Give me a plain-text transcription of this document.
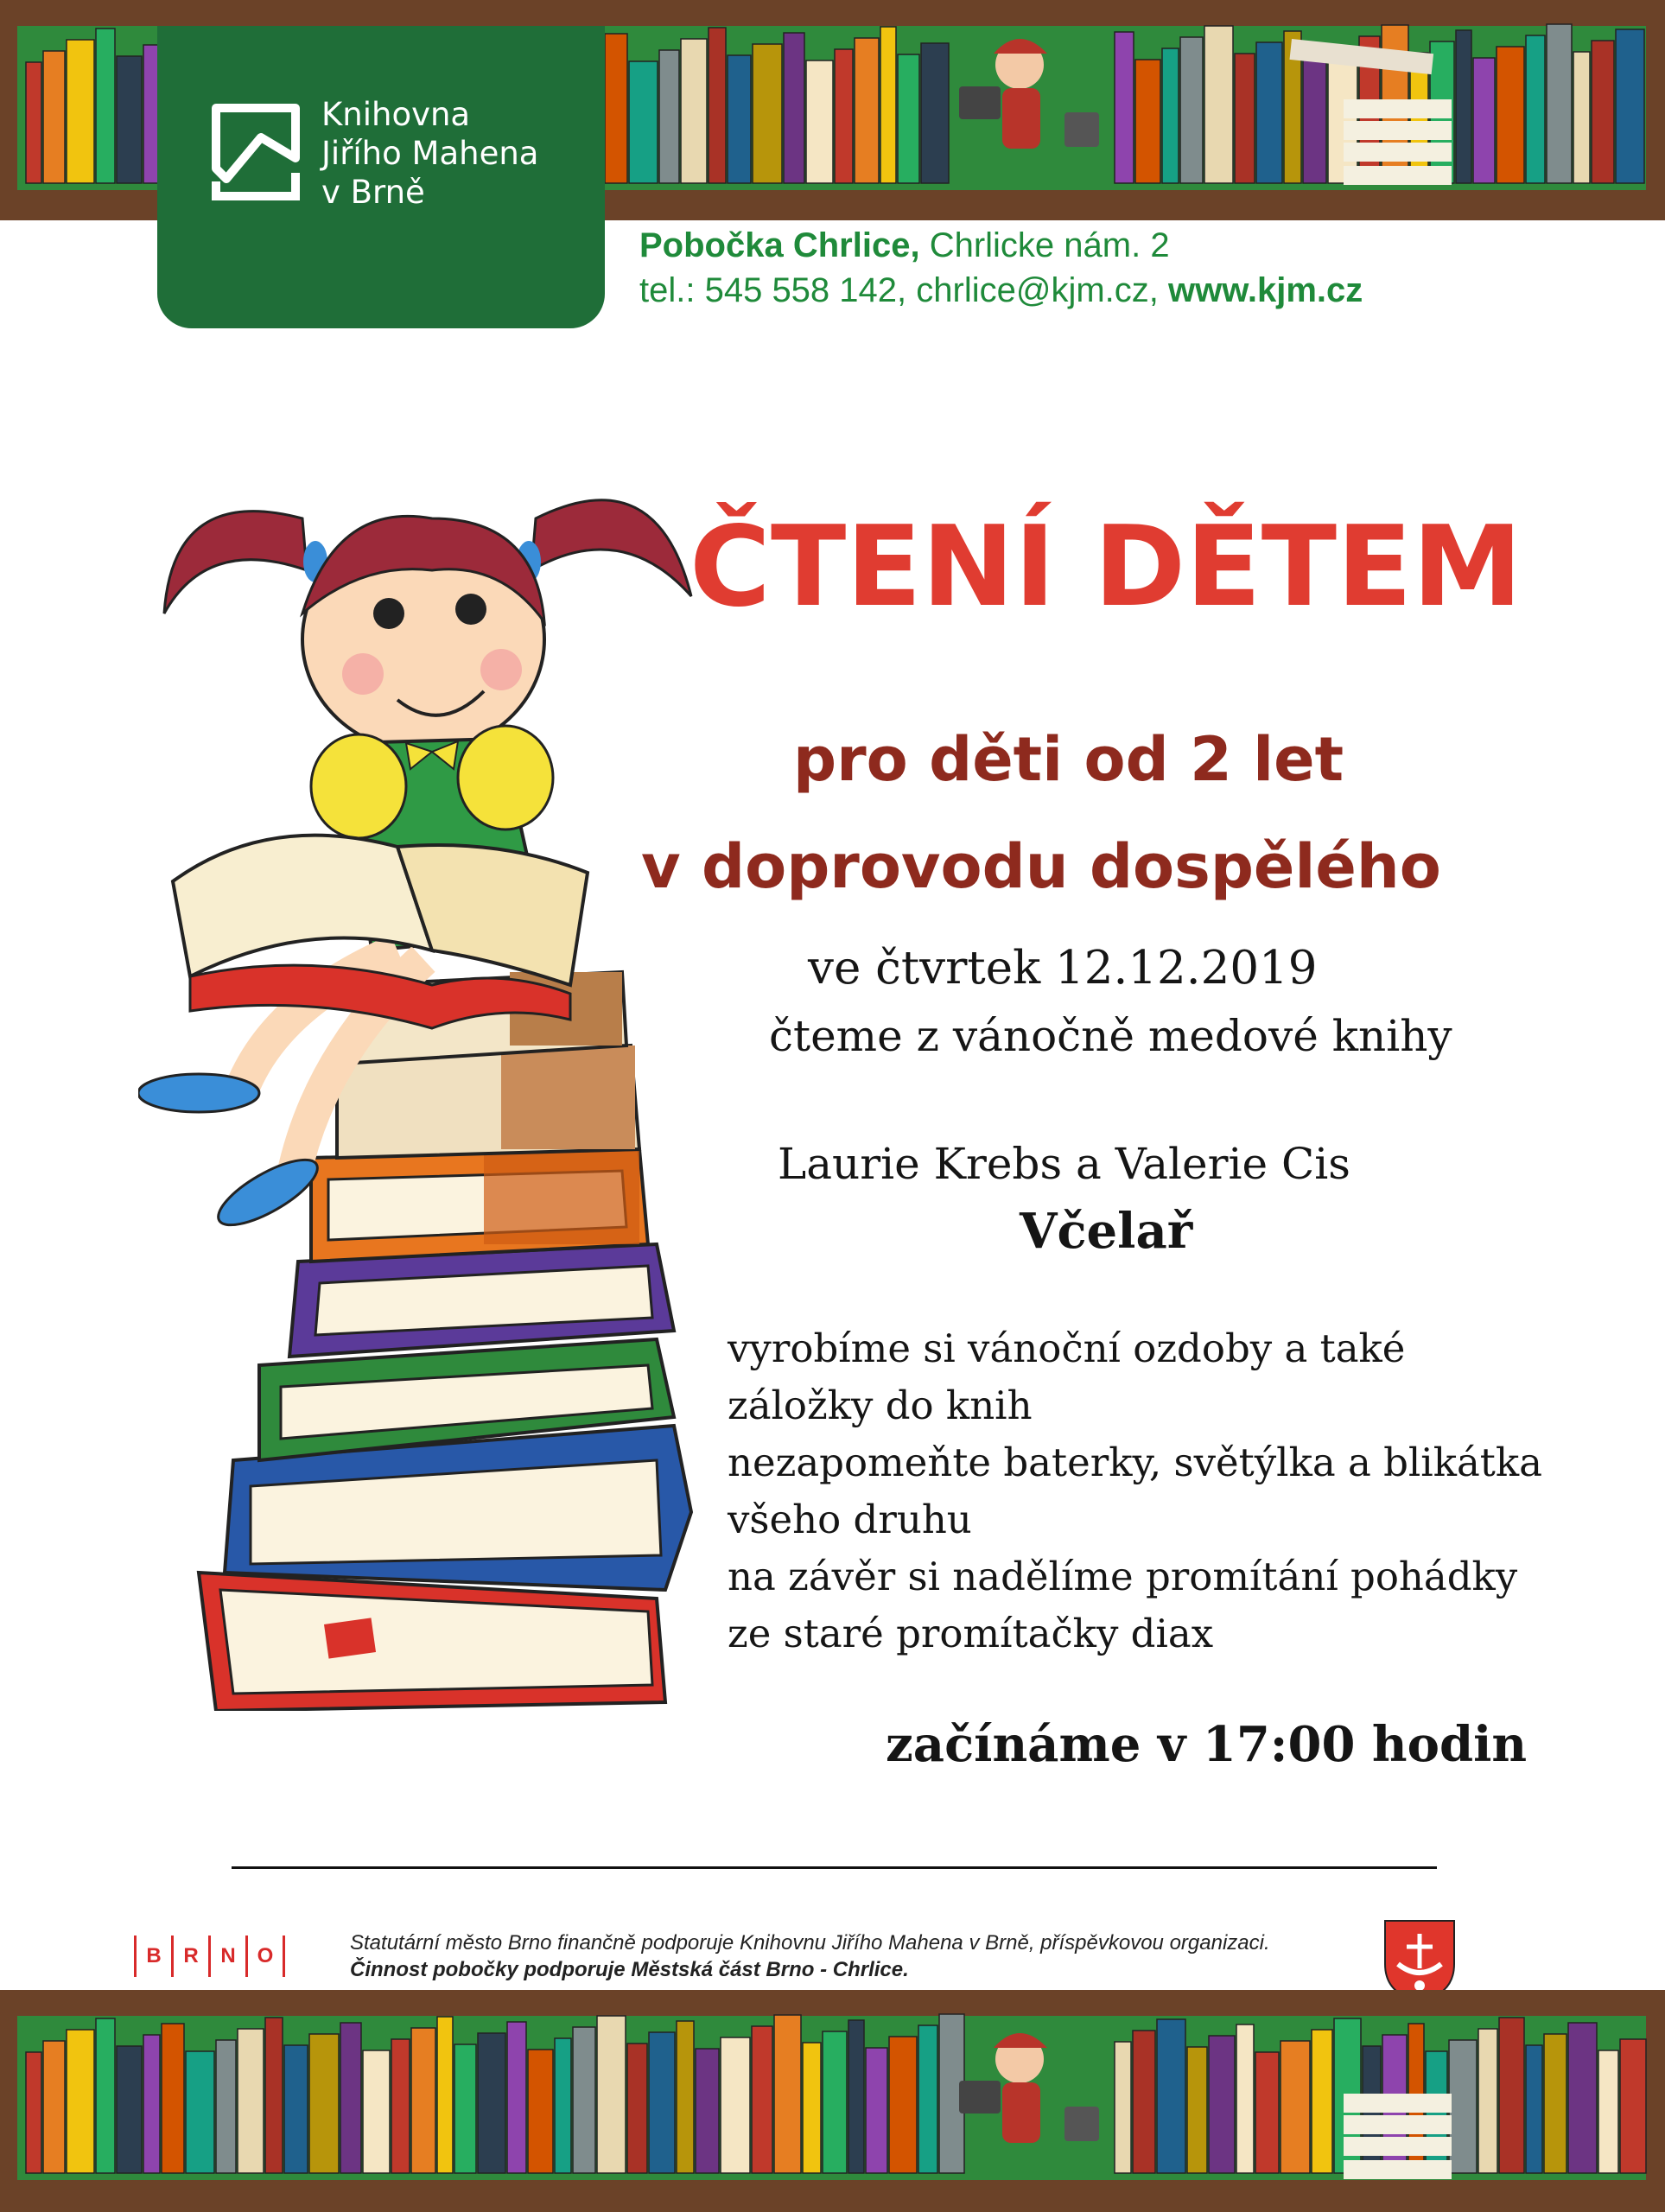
Knihovna
Jiřího Mahena
v Brně
Pobočka Chrlice, Chrlicke nám. 2
tel.: 545 558 142, chrlice@kjm.cz, www.kjm.cz
ČTENÍ DĚTEM
pro děti od 2 let
v doprovodu dospělého
ve čtvrtek 12.12.2019
čteme z vánočně medové knihy
Laurie Krebs a Valerie Cis
Včelař
vyrobíme si vánoční ozdoby a také
záložky do knih
nezapomeňte baterky, světýlka a blikátka
všeho druhu
na závěr si nadělíme promítání pohádky
ze staré promítačky diax
začínáme v 17:00 hodin
B	R	N	O
Statutární město Brno finančně podporuje Knihovnu Jiřího Mahena v Brně, příspěvkovou organizaci.
Činnost pobočky podporuje Městská část Brno - Chrlice.
